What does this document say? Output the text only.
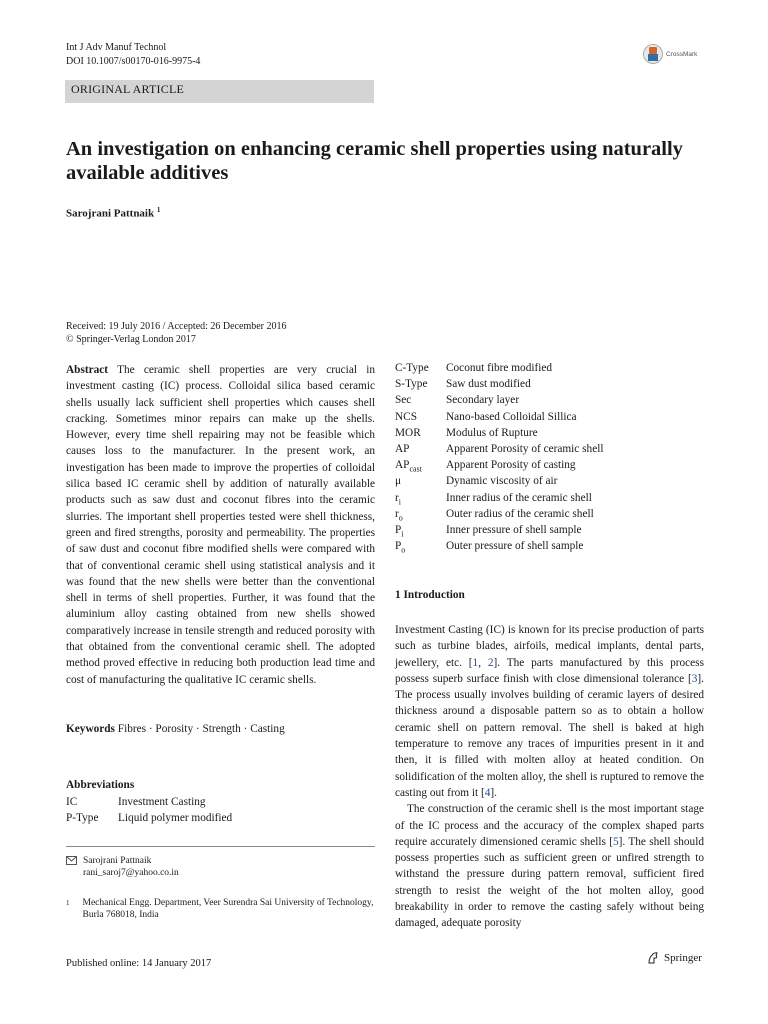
Int J Adv Manuf Technol
DOI 10.1007/s00170-016-9975-4
CrossMark
ORIGINAL ARTICLE
An investigation on enhancing ceramic shell properties using naturally available additives
Sarojrani Pattnaik $^1$
Received: 19 July 2016 / Accepted: 26 December 2016
© Springer-Verlag London 2017
Abstract The ceramic shell properties are very crucial in investment casting (IC) process. Colloidal silica based ceramic shells usually lack sufficient shell properties which causes shell cracking. Sometimes minor repairs can make up the shells. However, every time shell repairing may not be feasible which causes loss to the manufacturer. In the present work, an investigation has been made to improve the properties of colloidal silica based IC ceramic shell by addition of naturally available products such as saw dust and coconut fibres into the ceramic slurries. The important shell properties tested were shell thickness, green and fired strengths, porosity and permeability. The properties of saw dust and coconut fibre modified shells were compared with that of conventional ceramic shell using statistical analysis and it was found that the new shells were better than the conventional shell in terms of shell properties. Further, it was found that the aluminium alloy casting obtained from new shells showed comparatively increase in tensile strength and reduced porosity with that obtained from the conventional ceramic shell. The adopted method proved effective in reducing both production lead time and cost of manufacturing the qualitative IC ceramic shells.
Keywords Fibres · Porosity · Strength · Casting
Abbreviations
IC	Investment Casting
P-Type	Liquid polymer modified
Sarojrani Pattnaik
rani_saroj7@yahoo.co.in
1 Mechanical Engg. Department, Veer Surendra Sai University of Technology, Burla 768018, India
Published online: 14 January 2017
C-Type	Coconut fibre modified
S-Type	Saw dust modified
Sec	Secondary layer
NCS	Nano-based Colloidal Sillica
MOR	Modulus of Rupture
AP	Apparent Porosity of ceramic shell
$AP_{cast}$	Apparent Porosity of casting
μ	Dynamic viscosity of air
$r_i$	Inner radius of the ceramic shell
$r_o$	Outer radius of the ceramic shell
$P_i$	Inner pressure of shell sample
$P_o$	Outer pressure of shell sample
1 Introduction

Investment Casting (IC) is known for its precise production of parts such as turbine blades, airfoils, medical implants, dental parts, jewellery, etc. [1, 2]. The parts manufactured by this process possess superb surface finish with close dimensional tolerance [3]. The process usually involves building of ceramic layers of desired thickness around a disposable pattern so as to obtain a hollow ceramic shell on pattern removal. The shell is baked at high temperature to remove any traces of impurities present in it and then, it is filled with molten alloy at heated condition. On solidification of the molten alloy, the shell is ruptured to remove the casting out from it [4].

The construction of the ceramic shell is the most important stage of the IC process and the accuracy of the complex shaped parts require accurately dimensioned ceramic shells [5]. The shell should possess properties such as sufficient green or unfired strength to withstand the pressure during pattern removal, sufficient fired strength to resist the weight of the hot molten alloy, good breakability in order to remove the casting safely without being damaged, adequate porosity

Springer
